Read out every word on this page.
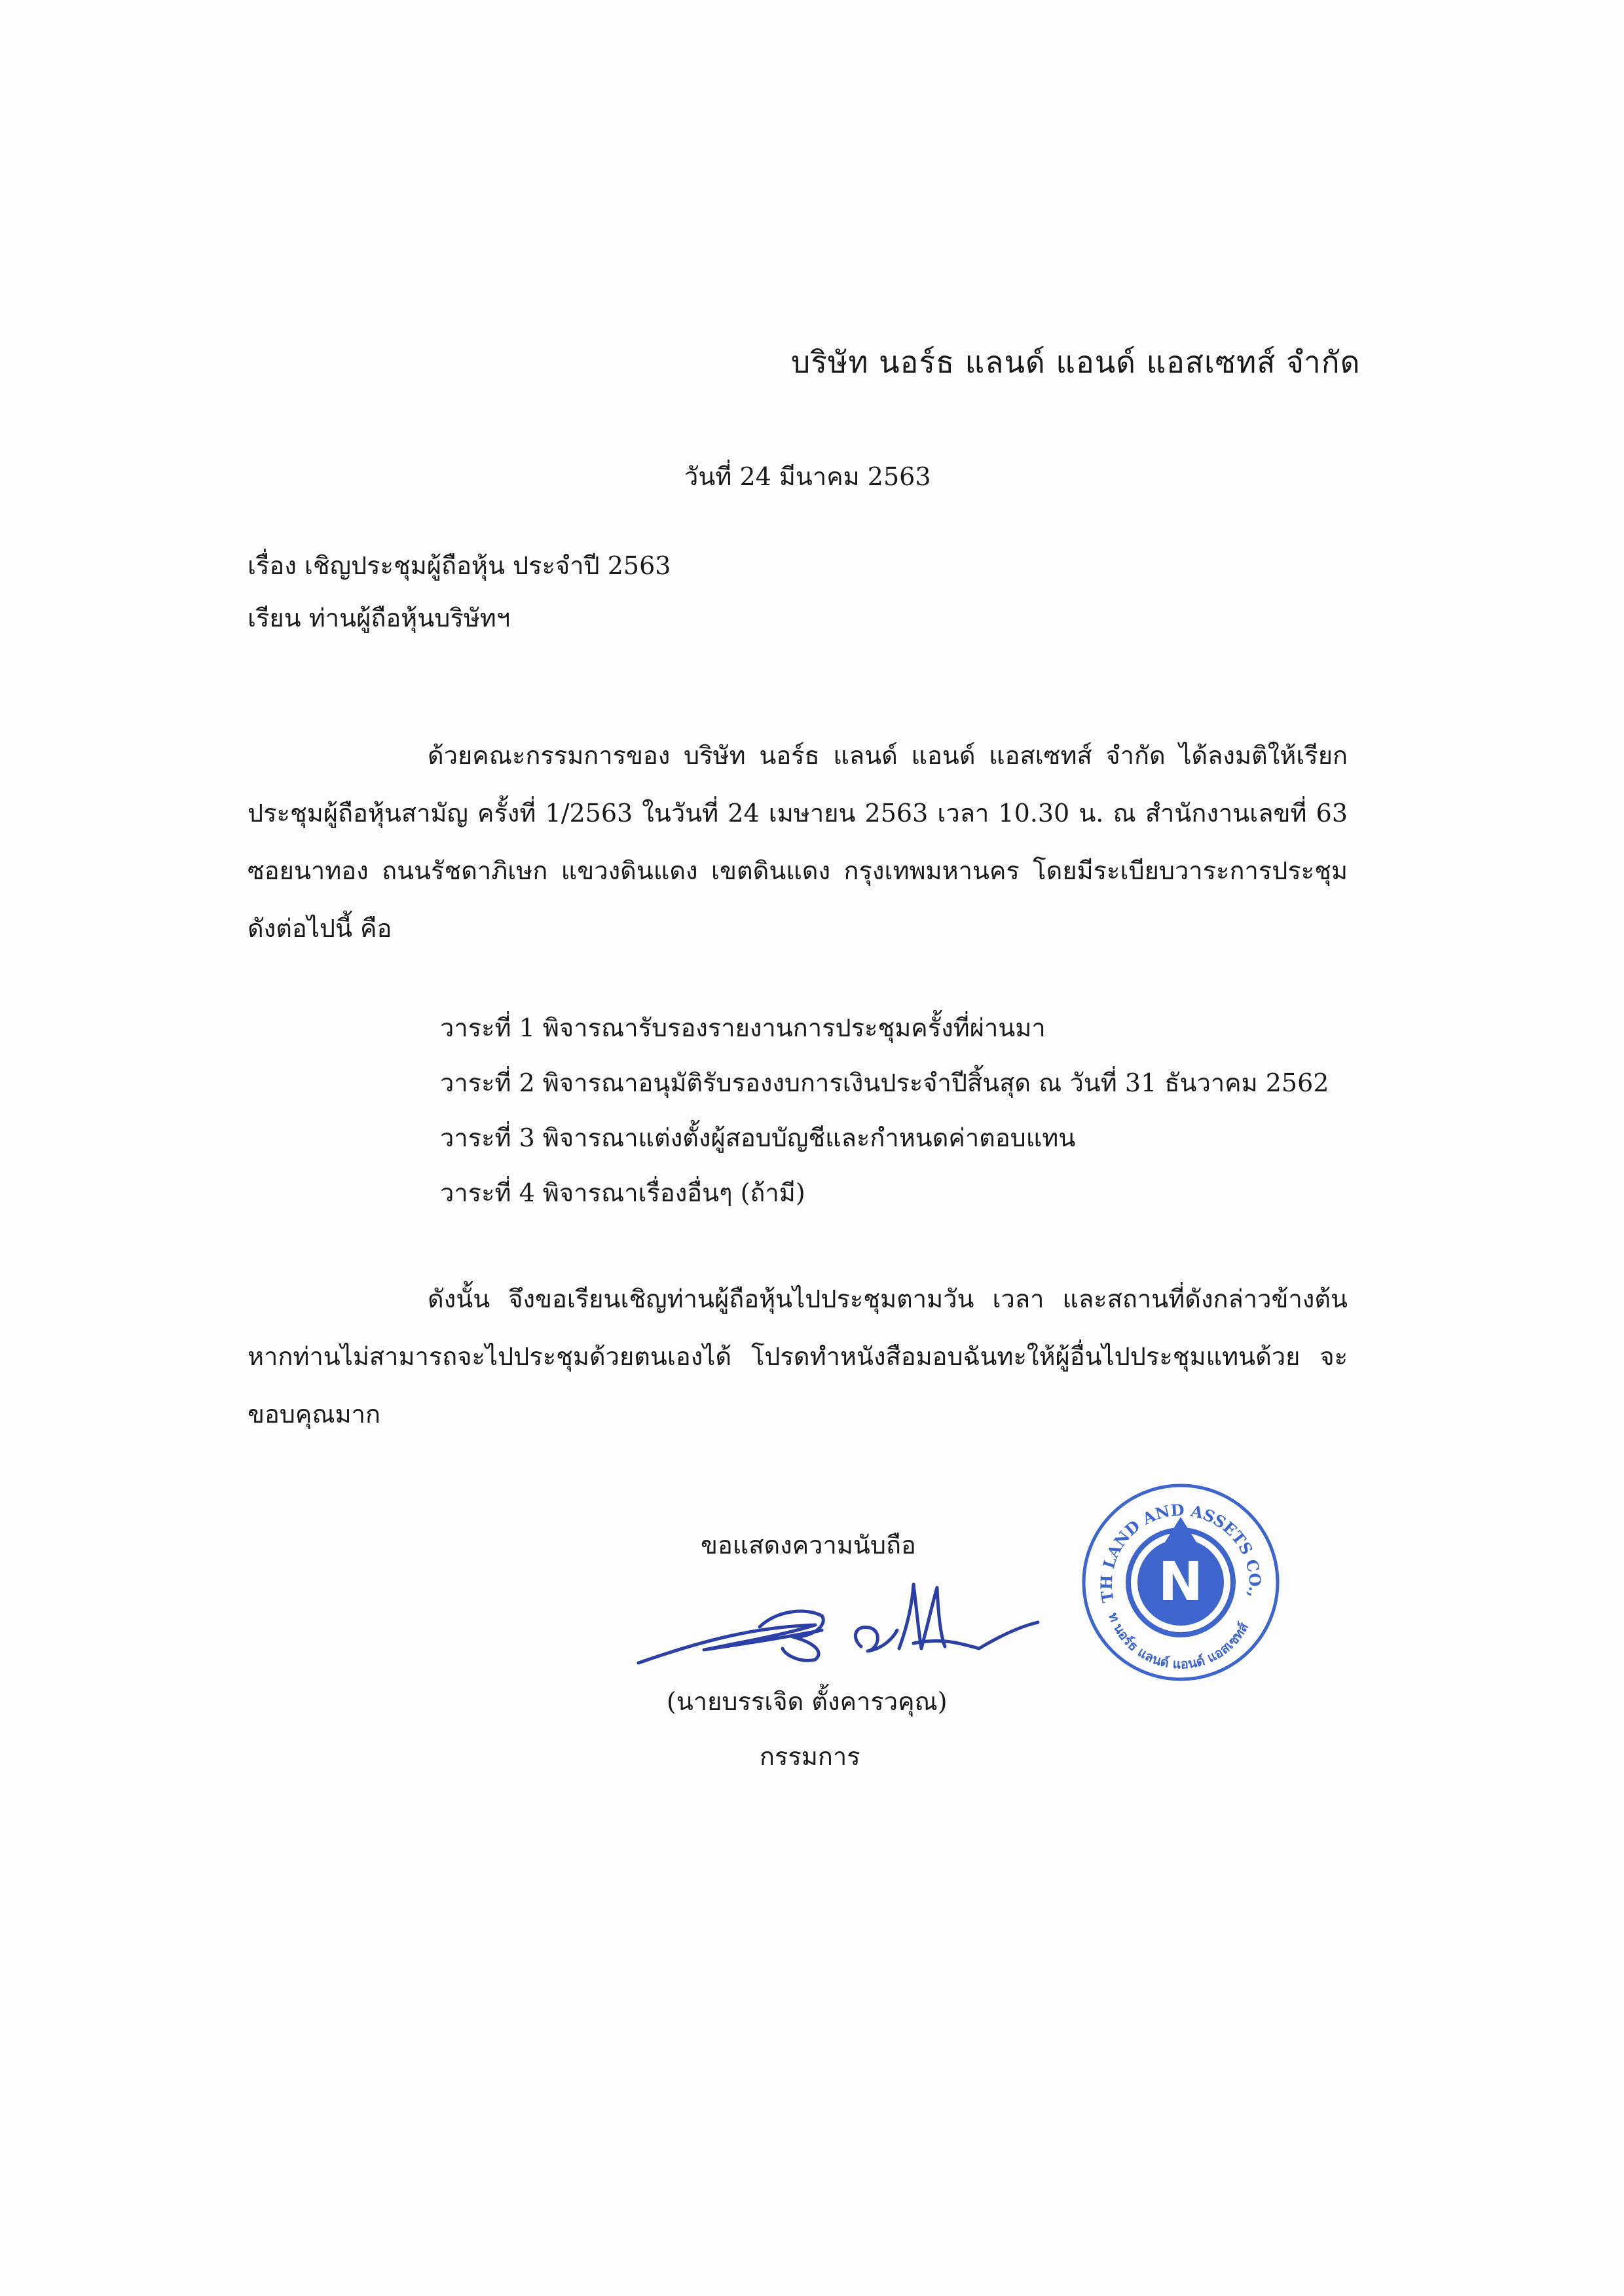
บริษัท นอร์ธ แลนด์ แอนด์ แอสเซทส์ จำกัด
วันที่ 24 มีนาคม 2563
เรื่อง เชิญประชุมผู้ถือหุ้น ประจำปี 2563
เรียน ท่านผู้ถือหุ้นบริษัทฯ
ด้วยคณะกรรมการของ บริษัท นอร์ธ แลนด์ แอนด์ แอสเซทส์ จำกัด ได้ลงมติให้เรียกประชุมผู้ถือหุ้นสามัญ ครั้งที่ 1/2563 ในวันที่ 24 เมษายน 2563 เวลา 10.30 น. ณ สำนักงานเลขที่ 63 ซอยนาทอง ถนนรัชดาภิเษก แขวงดินแดง เขตดินแดง กรุงเทพมหานคร โดยมีระเบียบวาระการประชุมดังต่อไปนี้ คือ
วาระที่ 1 พิจารณารับรองรายงานการประชุมครั้งที่ผ่านมา
วาระที่ 2 พิจารณาอนุมัติรับรองงบการเงินประจำปีสิ้นสุด ณ วันที่ 31 ธันวาคม 2562
วาระที่ 3 พิจารณาแต่งตั้งผู้สอบบัญชีและกำหนดค่าตอบแทน
วาระที่ 4 พิจารณาเรื่องอื่นๆ (ถ้ามี)
ดังนั้น จึงขอเรียนเชิญท่านผู้ถือหุ้นไปประชุมตามวัน เวลา และสถานที่ดังกล่าวข้างต้น หากท่านไม่สามารถจะไปประชุมด้วยตนเองได้ โปรดทำหนังสือมอบฉันทะให้ผู้อื่นไปประชุมแทนด้วย จะขอบคุณมาก
ขอแสดงความนับถือ
N
TH LAND AND ASSETS CO.,
ท นอร์ธ แลนด์ แอนด์ แอสเซทส์
(นายบรรเจิด ตั้งคารวคุณ)
กรรมการ
